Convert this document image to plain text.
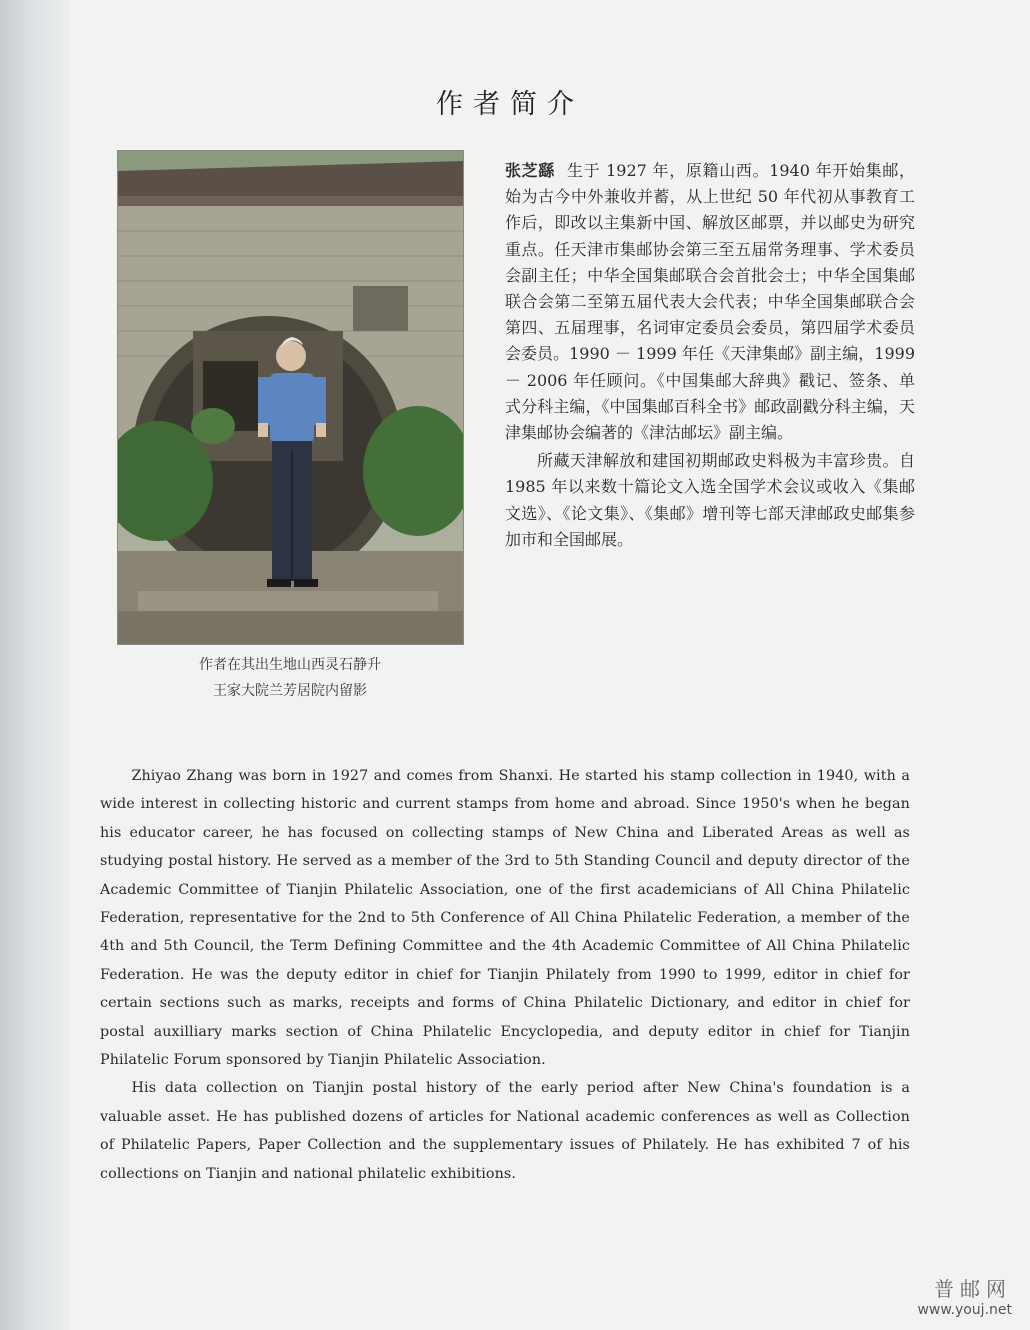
作者简介
作者在其出生地山西灵石静升
王家大院兰芳居院内留影

张芝繇 生于 1927 年，原籍山西。1940 年开始集邮，始为古今中外兼收并蓄，从上世纪 50 年代初从事教育工作后，即改以主集新中国、解放区邮票，并以邮史为研究重点。任天津市集邮协会第三至五届常务理事、学术委员会副主任；中华全国集邮联合会首批会士；中华全国集邮联合会第二至第五届代表大会代表；中华全国集邮联合会第四、五届理事，名词审定委员会委员，第四届学术委员会委员。1990 － 1999 年任《天津集邮》副主编，1999 － 2006 年任顾问。《中国集邮大辞典》戳记、签条、单式分科主编，《中国集邮百科全书》邮政副戳分科主编，天津集邮协会编著的《津沽邮坛》副主编。

所藏天津解放和建国初期邮政史料极为丰富珍贵。自 1985 年以来数十篇论文入选全国学术会议或收入《集邮文选》、《论文集》、《集邮》增刊等七部天津邮政史邮集参加市和全国邮展。

Zhiyao Zhang was born in 1927 and comes from Shanxi. He started his stamp collection in 1940, with a wide interest in collecting historic and current stamps from home and abroad. Since 1950's when he began his educator career, he has focused on collecting stamps of New China and Liberated Areas as well as studying postal history. He served as a member of the 3rd to 5th Standing Council and deputy director of the Academic Committee of Tianjin Philatelic Association, one of the first academicians of All China Philatelic Federation, representative for the 2nd to 5th Conference of All China Philatelic Federation, a member of the 4th and 5th Council, the Term Defining Committee and the 4th Academic Committee of All China Philatelic Federation. He was the deputy editor in chief for Tianjin Philately from 1990 to 1999, editor in chief for certain sections such as marks, receipts and forms of China Philatelic Dictionary, and editor in chief for postal auxilliary marks section of China Philatelic Encyclopedia, and deputy editor in chief for Tianjin Philatelic Forum sponsored by Tianjin Philatelic Association.

His data collection on Tianjin postal history of the early period after New China's foundation is a valuable asset. He has published dozens of articles for National academic conferences as well as Collection of Philatelic Papers, Paper Collection and the supplementary issues of Philately. He has exhibited 7 of his collections on Tianjin and national philatelic exhibitions.

普邮网
www.youj.net
